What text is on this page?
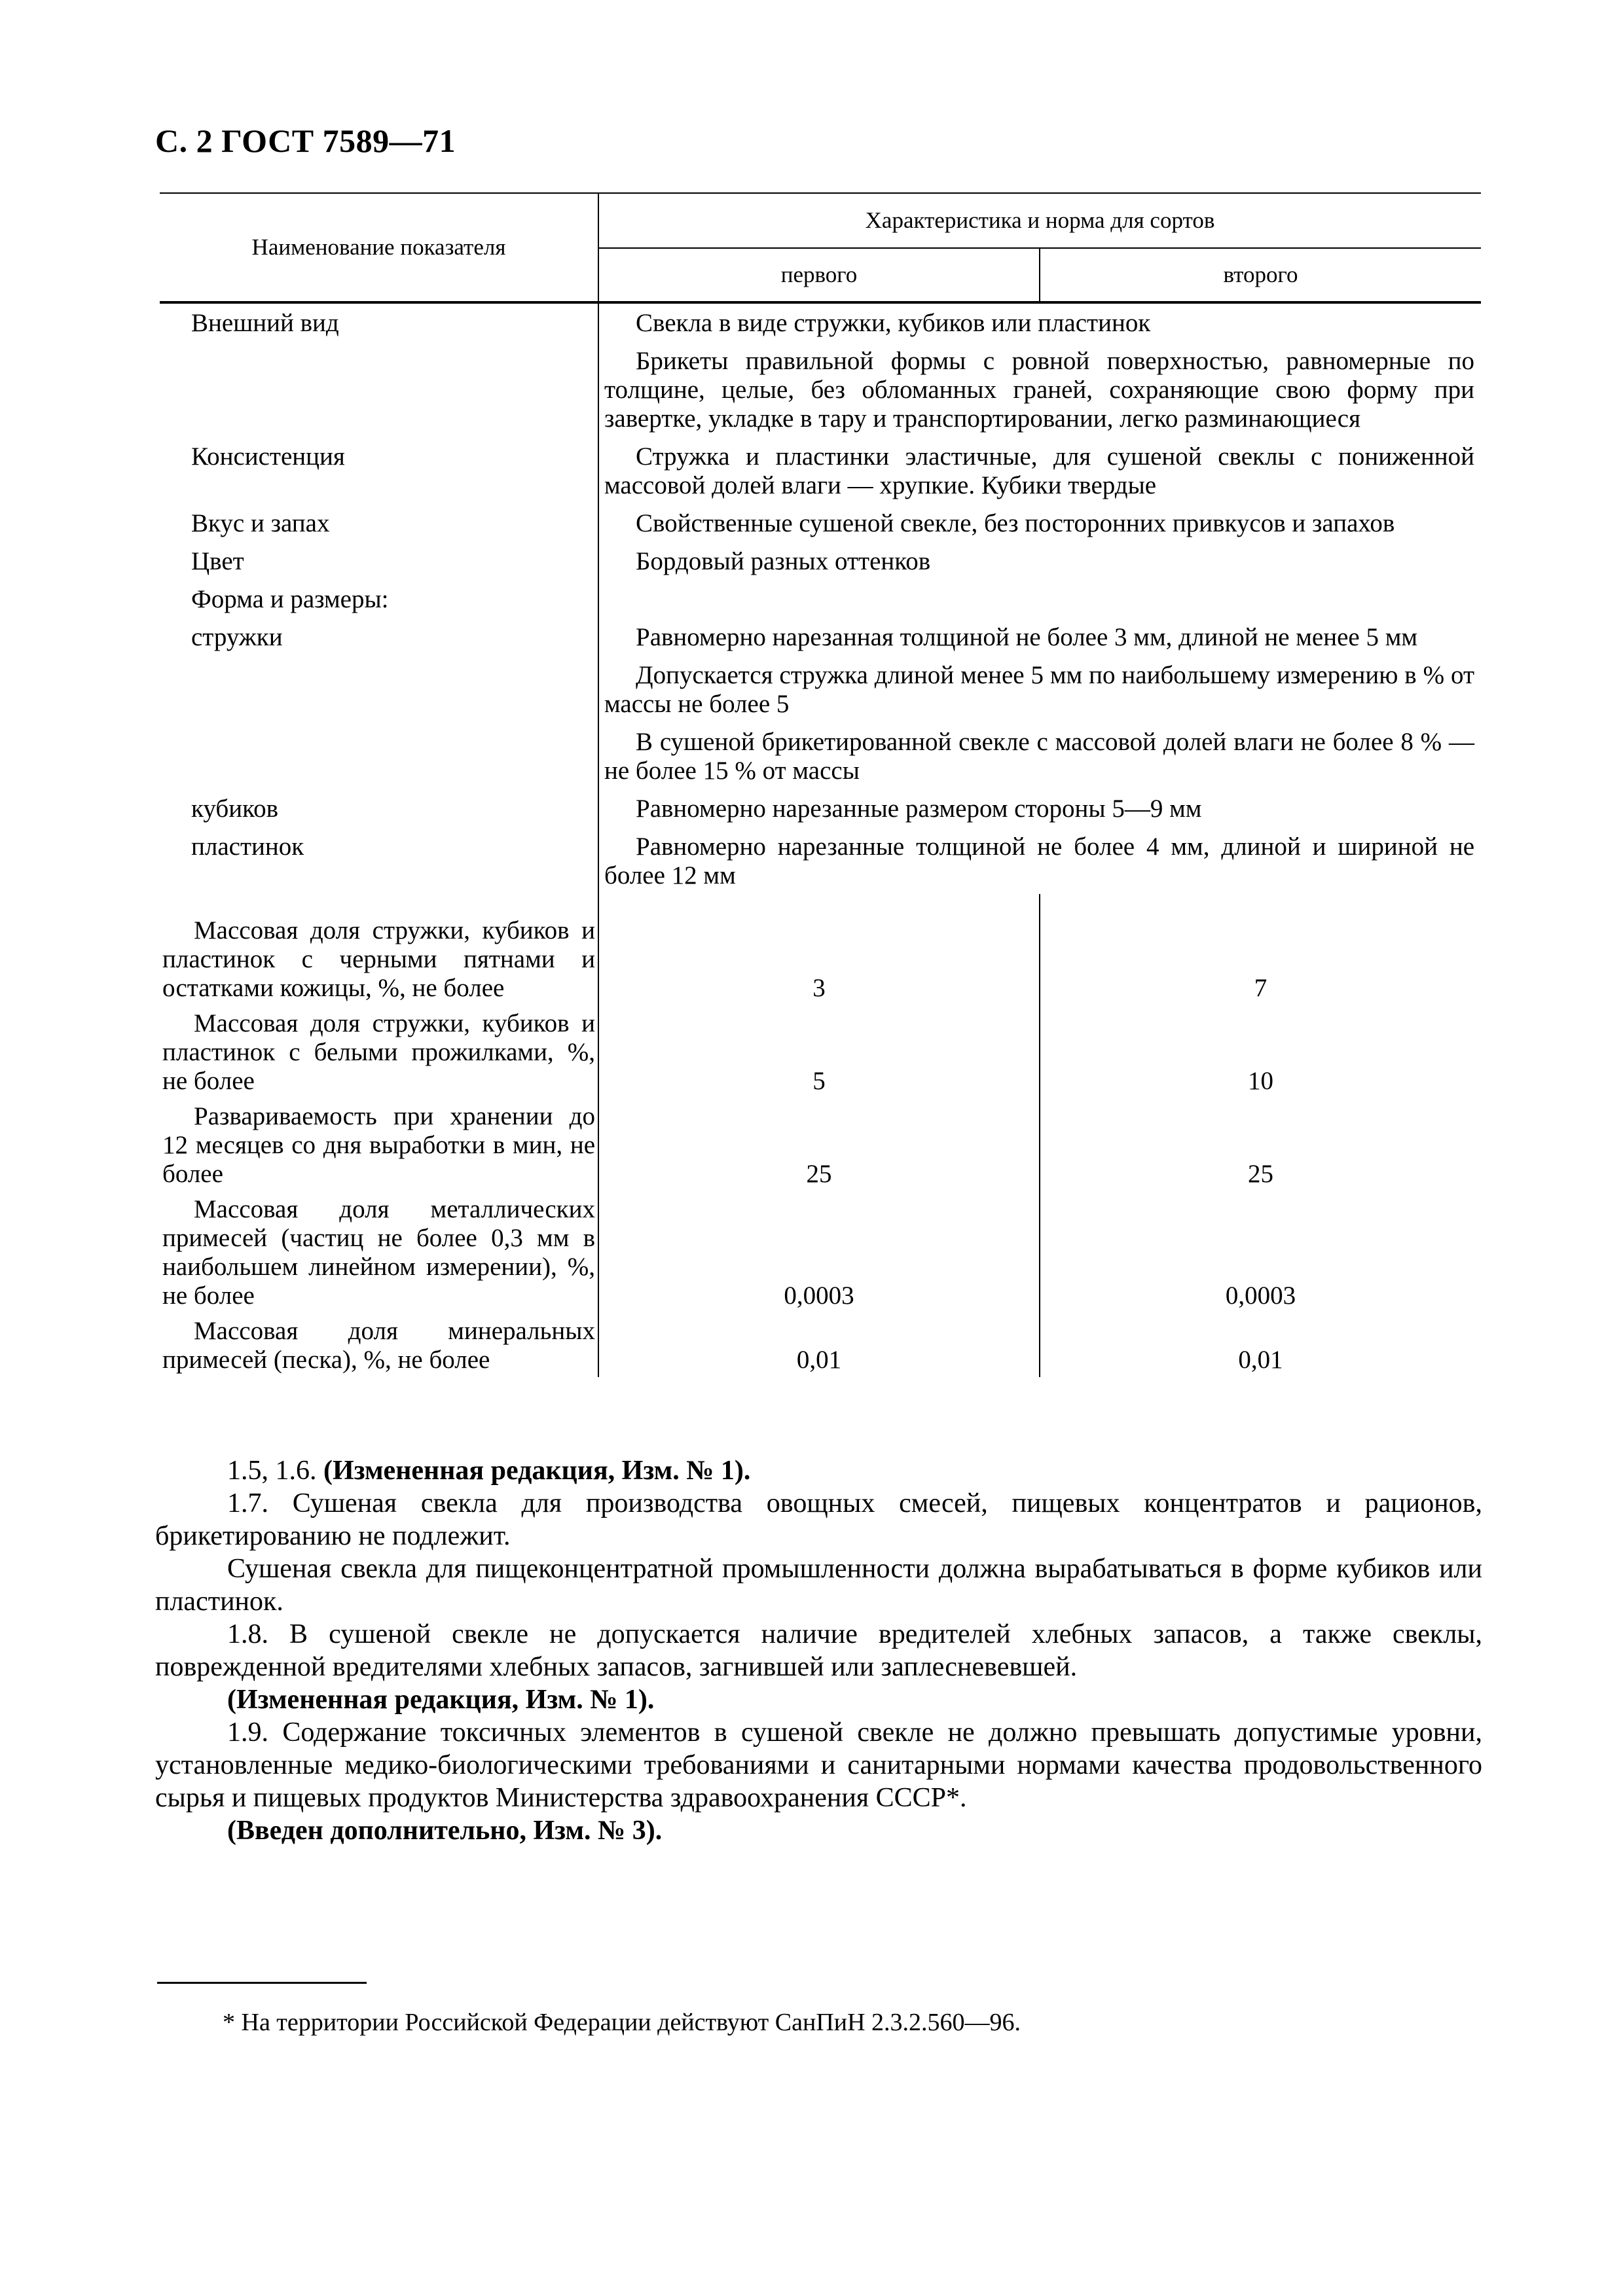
С. 2 ГОСТ 7589—71
Наименование показателя	Характеристика и норма для сортов	
	первого	второго
Внешний вид	Свекла в виде стружки, кубиков или пластинок	
	Брикеты правильной формы с ровной поверхностью, равномерные по толщине, целые, без обломанных граней, сохраняющие свою форму при завертке, укладке в тару и транспортировании, легко разминающиеся	
Консистенция	Стружка и пластинки эластичные, для сушеной свеклы с пониженной массовой долей влаги — хрупкие. Кубики твердые	
Вкус и запах	Свойственные сушеной свекле, без посторонних привкусов и запахов	
Цвет	Бордовый разных оттенков	
Форма и размеры:		
стружки	Равномерно нарезанная толщиной не более 3 мм, длиной не менее 5 мм	
	Допускается стружка длиной менее 5 мм по наибольшему измерению в % от массы не более 5	
	В сушеной брикетированной свекле с массовой долей влаги не более 8 % — не более 15 % от массы	
кубиков	Равномерно нарезанные размером стороны 5—9 мм	
пластинок	Равномерно нарезанные толщиной не более 4 мм, длиной и шириной не более 12 мм	

Массовая доля стружки, кубиков и пластинок с черными пятнами и остатками кожицы, %, не более	3	7
Массовая доля стружки, кубиков и пластинок с белыми прожилками, %, не более	5	10
Развариваемость при хранении до 12 месяцев со дня выработки в мин, не более	25	25
Массовая доля металлических примесей (частиц не более 0,3 мм в наибольшем линейном измерении), %, не более	0,0003	0,0003
Массовая доля минеральных примесей (песка), %, не более	0,01	0,01

1.5, 1.6. (Измененная редакция, Изм. № 1).

1.7. Сушеная свекла для производства овощных смесей, пищевых концентратов и рационов, брикетированию не подлежит.

Сушеная свекла для пищеконцентратной промышленности должна вырабатываться в форме кубиков или пластинок.

1.8. В сушеной свекле не допускается наличие вредителей хлебных запасов, а также свеклы, поврежденной вредителями хлебных запасов, загнившей или заплесневевшей.

(Измененная редакция, Изм. № 1).

1.9. Содержание токсичных элементов в сушеной свекле не должно превышать допустимые уровни, установленные медико-биологическими требованиями и санитарными нормами качества продовольственного сырья и пищевых продуктов Министерства здравоохранения СССР*.

(Введен дополнительно, Изм. № 3).

* На территории Российской Федерации действуют СанПиН 2.3.2.560—96.
